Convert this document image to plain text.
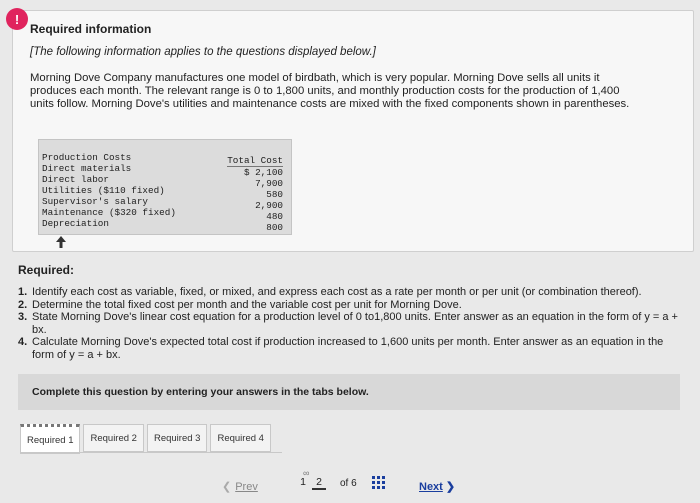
!
Required information
[The following information applies to the questions displayed below.]
Morning Dove Company manufactures one model of birdbath, which is very popular. Morning Dove sells all units it produces each month. The relevant range is 0 to 1,800 units, and monthly production costs for the production of 1,400 units follow. Morning Dove's utilities and maintenance costs are mixed with the fixed components shown in parentheses.
Production Costs	Total Cost
Direct materials	$ 2,100
Direct labor	7,900
Utilities ($110 fixed)	580
Supervisor's salary	2,900
Maintenance ($320 fixed)	480
Depreciation	800
Required:
1. Identify each cost as variable, fixed, or mixed, and express each cost as a rate per month or per unit (or combination thereof).
2. Determine the total fixed cost per month and the variable cost per unit for Morning Dove.
3. State Morning Dove's linear cost equation for a production level of 0 to1,800 units. Enter answer as an equation in the form of y = a + bx.
4. Calculate Morning Dove's expected total cost if production increased to 1,600 units per month. Enter answer as an equation in the form of y = a + bx.
Complete this question by entering your answers in the tabs below.
Required 1	Required 2	Required 3	Required 4
❮ Prev
∞
1 2	of 6	Next ❯
